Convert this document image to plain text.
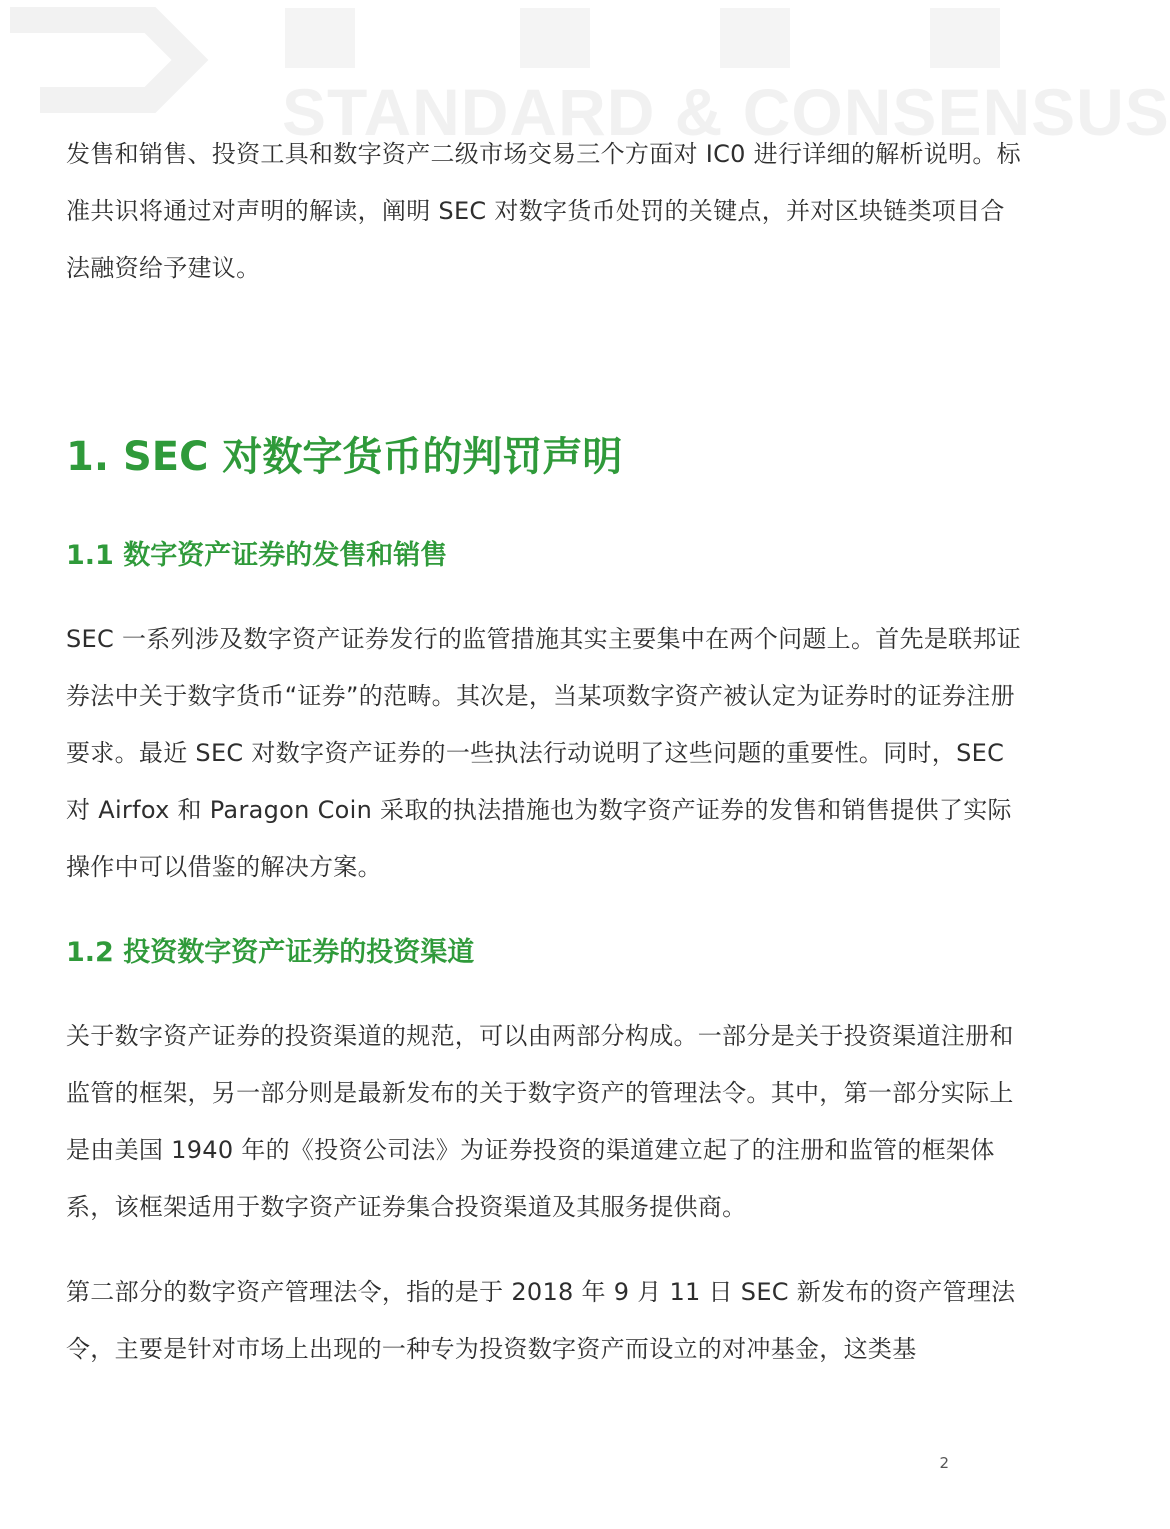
STANDARD & CONSENSUS

发售和销售、投资工具和数字资产二级市场交易三个方面对 IC0 进行详细的解析说明。标准共识将通过对声明的解读，阐明 SEC 对数字货币处罚的关键点，并对区块链类项目合法融资给予建议。

1. SEC 对数字货币的判罚声明
1.1 数字资产证券的发售和销售

SEC 一系列涉及数字资产证券发行的监管措施其实主要集中在两个问题上。首先是联邦证券法中关于数字货币“证券”的范畴。其次是，当某项数字资产被认定为证券时的证券注册要求。最近 SEC 对数字资产证券的一些执法行动说明了这些问题的重要性。同时，SEC 对 Airfox 和 Paragon Coin 采取的执法措施也为数字资产证券的发售和销售提供了实际操作中可以借鉴的解决方案。

1.2 投资数字资产证券的投资渠道

关于数字资产证券的投资渠道的规范，可以由两部分构成。一部分是关于投资渠道注册和监管的框架，另一部分则是最新发布的关于数字资产的管理法令。其中，第一部分实际上是由美国 1940 年的《投资公司法》为证券投资的渠道建立起了的注册和监管的框架体系，该框架适用于数字资产证券集合投资渠道及其服务提供商。

第二部分的数字资产管理法令，指的是于 2018 年 9 月 11 日 SEC 新发布的资产管理法令，主要是针对市场上出现的一种专为投资数字资产而设立的对冲基金，这类基

2
